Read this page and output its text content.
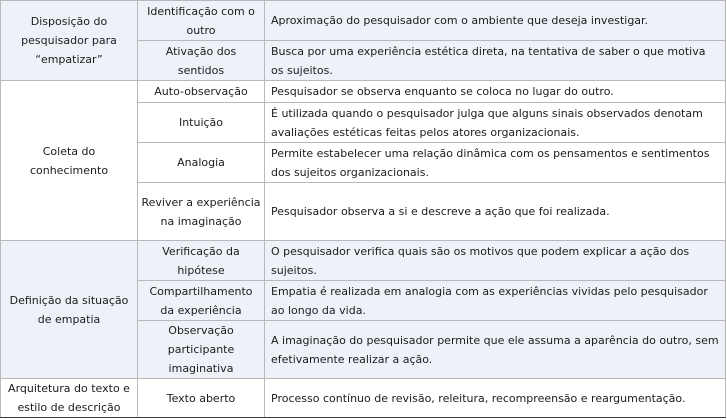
Disposição do pesquisador para “empatizar”	Identificação com o outro	Aproximação do pesquisador com o ambiente que deseja investigar.
	Ativação dos sentidos	Busca por uma experiência estética direta, na tentativa de saber o que motiva os sujeitos.
Coleta do conhecimento	Auto-observação	Pesquisador se observa enquanto se coloca no lugar do outro.
	Intuição	É utilizada quando o pesquisador julga que alguns sinais observados denotam avaliações estéticas feitas pelos atores organizacionais.
	Analogia	Permite estabelecer uma relação dinâmica com os pensamentos e sentimentos dos sujeitos organizacionais.
	Reviver a experiência na imaginação	Pesquisador observa a si e descreve a ação que foi realizada.
Definição da situação de empatia	Verificação da hipótese	O pesquisador verifica quais são os motivos que podem explicar a ação dos sujeitos.
	Compartilhamento da experiência	Empatia é realizada em analogia com as experiências vividas pelo pesquisador ao longo da vida.
	Observação participante imaginativa	A imaginação do pesquisador permite que ele assuma a aparência do outro, sem efetivamente realizar a ação.
Arquitetura do texto e estilo de descrição	Texto aberto	Processo contínuo de revisão, releitura, recompreensão e reargumentação.
